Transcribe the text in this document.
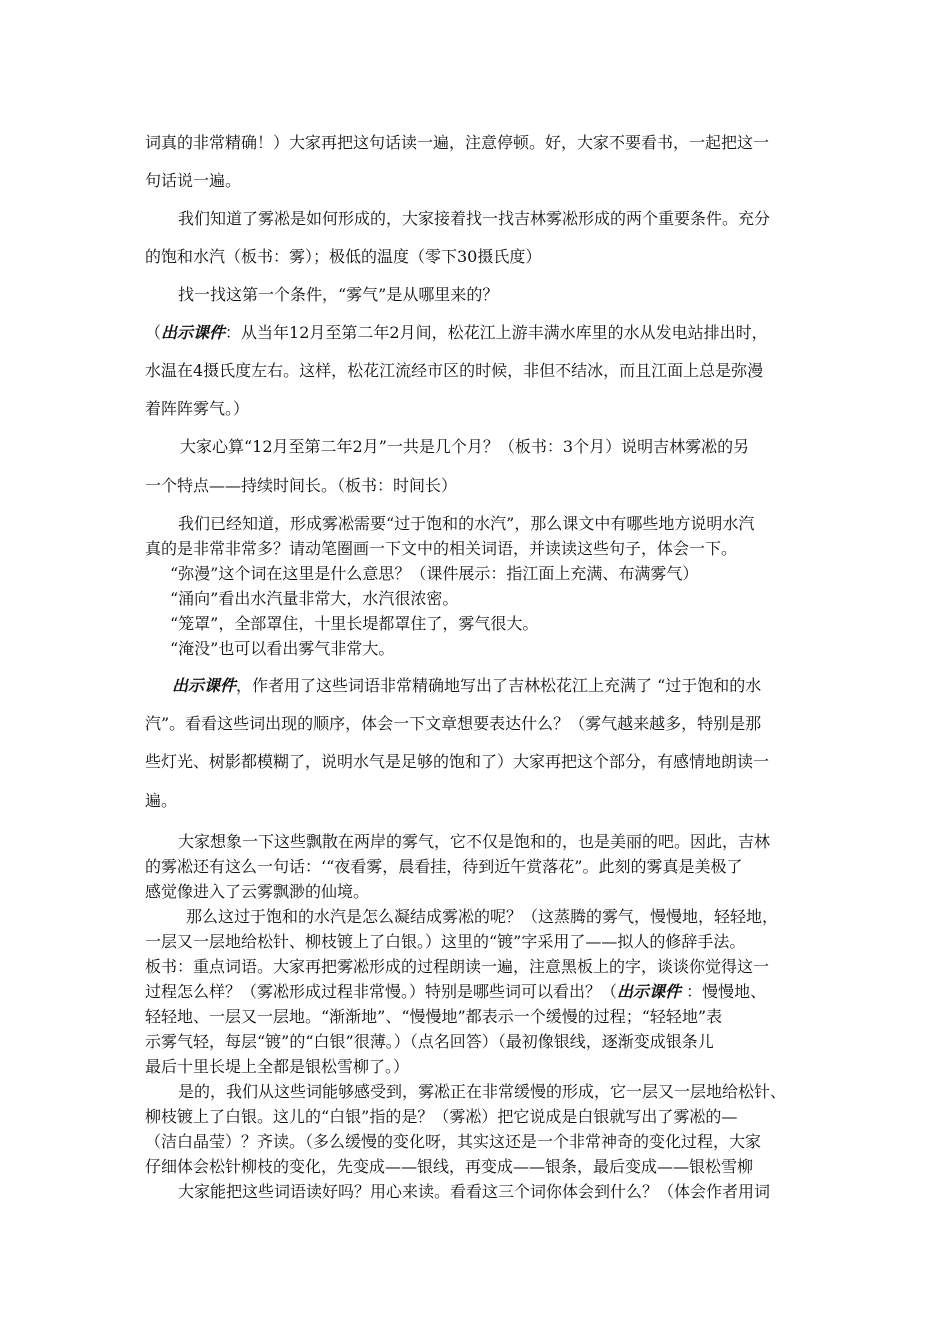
词真的非常精确！）大家再把这句话读一遍，注意停顿。好，大家不要看书，一起把这一
句话说一遍。
我们知道了雾凇是如何形成的，大家接着找一找吉林雾凇形成的两个重要条件。充分
的饱和水汽（板书：雾）；极低的温度（零下30摄氏度）
找一找这第一个条件，“雾气”是从哪里来的？
（出示课件：从当年12月至第二年2月间，松花江上游丰满水库里的水从发电站排出时，
水温在4摄氏度左右。这样，松花江流经市区的时候，非但不结冰，而且江面上总是弥漫
着阵阵雾气。）
大家心算“12月至第二年2月”一共是几个月？（板书：3个月）说明吉林雾凇的另
一个特点——持续时间长。（板书：时间长）
我们已经知道，形成雾凇需要“过于饱和的水汽”，那么课文中有哪些地方说明水汽
真的是非常非常多？请动笔圈画一下文中的相关词语，并读读这些句子，体会一下。
“弥漫”这个词在这里是什么意思？（课件展示：指江面上充满、布满雾气）
“涌向”看出水汽量非常大，水汽很浓密。
“笼罩”，全部罩住，十里长堤都罩住了，雾气很大。
“淹没”也可以看出雾气非常大。
出示课件，作者用了这些词语非常精确地写出了吉林松花江上充满了 “过于饱和的水
汽”。看看这些词出现的顺序，体会一下文章想要表达什么？（雾气越来越多，特别是那
些灯光、树影都模糊了，说明水气是足够的饱和了）大家再把这个部分，有感情地朗读一
遍。
大家想象一下这些飘散在两岸的雾气，它不仅是饱和的，也是美丽的吧。因此，吉林
的雾凇还有这么一句话：‘“夜看雾，晨看挂，待到近午赏落花”。此刻的雾真是美极了
感觉像进入了云雾飘渺的仙境。
那么这过于饱和的水汽是怎么凝结成雾凇的呢？（这蒸腾的雾气，慢慢地，轻轻地，
一层又一层地给松针、柳枝镀上了白银。）这里的“镀”字采用了——拟人的修辞手法。
板书：重点词语。大家再把雾凇形成的过程朗读一遍，注意黑板上的字，谈谈你觉得这一
过程怎么样？（雾凇形成过程非常慢。）特别是哪些词可以看出？（出示课件 ：慢慢地、
轻轻地、一层又一层地。“渐渐地”、“慢慢地”都表示一个缓慢的过程；“轻轻地”表
示雾气轻，每层“镀”的“白银”很薄。）（点名回答）（最初像银线，逐渐变成银条儿
最后十里长堤上全都是银松雪柳了。）
是的，我们从这些词能够感受到，雾凇正在非常缓慢的形成，它一层又一层地给松针、
柳枝镀上了白银。这儿的“白银”指的是？（雾凇）把它说成是白银就写出了雾凇的—
（洁白晶莹）？齐读。（多么缓慢的变化呀，其实这还是一个非常神奇的变化过程，大家
仔细体会松针柳枝的变化，先变成——银线，再变成——银条，最后变成——银松雪柳
大家能把这些词语读好吗？用心来读。看看这三个词你体会到什么？（体会作者用词
